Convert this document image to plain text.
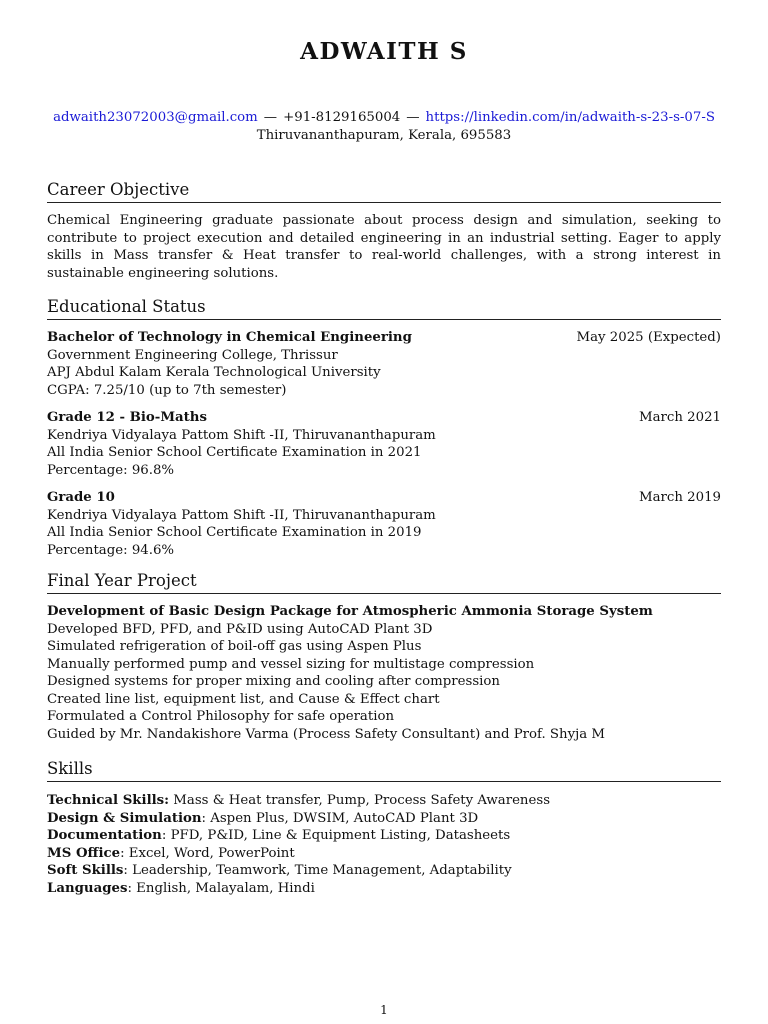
ADWAITH S
adwaith23072003@gmail.com — +91-8129165004 — https://linkedin.com/in/adwaith-s-23-s-07-S
Thiruvananthapuram, Kerala, 695583
Career Objective
Chemical Engineering graduate passionate about process design and simulation, seeking to contribute to project execution and detailed engineering in an industrial setting. Eager to apply skills in Mass transfer & Heat transfer to real-world challenges, with a strong interest in sustainable engineering solutions.
Educational Status
Bachelor of Technology in Chemical Engineering	May 2025 (Expected)
Government Engineering College, Thrissur
APJ Abdul Kalam Kerala Technological University
CGPA: 7.25/10 (up to 7th semester)
Grade 12 - Bio-Maths	March 2021
Kendriya Vidyalaya Pattom Shift -II, Thiruvananthapuram
All India Senior School Certificate Examination in 2021
Percentage: 96.8%
Grade 10	March 2019
Kendriya Vidyalaya Pattom Shift -II, Thiruvananthapuram
All India Senior School Certificate Examination in 2019
Percentage: 94.6%
Final Year Project
Development of Basic Design Package for Atmospheric Ammonia Storage System
Developed BFD, PFD, and P&ID using AutoCAD Plant 3D
Simulated refrigeration of boil-off gas using Aspen Plus
Manually performed pump and vessel sizing for multistage compression
Designed systems for proper mixing and cooling after compression
Created line list, equipment list, and Cause & Effect chart
Formulated a Control Philosophy for safe operation
Guided by Mr. Nandakishore Varma (Process Safety Consultant) and Prof. Shyja M
Skills
Technical Skills: Mass & Heat transfer, Pump, Process Safety Awareness
Design & Simulation: Aspen Plus, DWSIM, AutoCAD Plant 3D
Documentation: PFD, P&ID, Line & Equipment Listing, Datasheets
MS Office: Excel, Word, PowerPoint
Soft Skills: Leadership, Teamwork, Time Management, Adaptability
Languages: English, Malayalam, Hindi
1
